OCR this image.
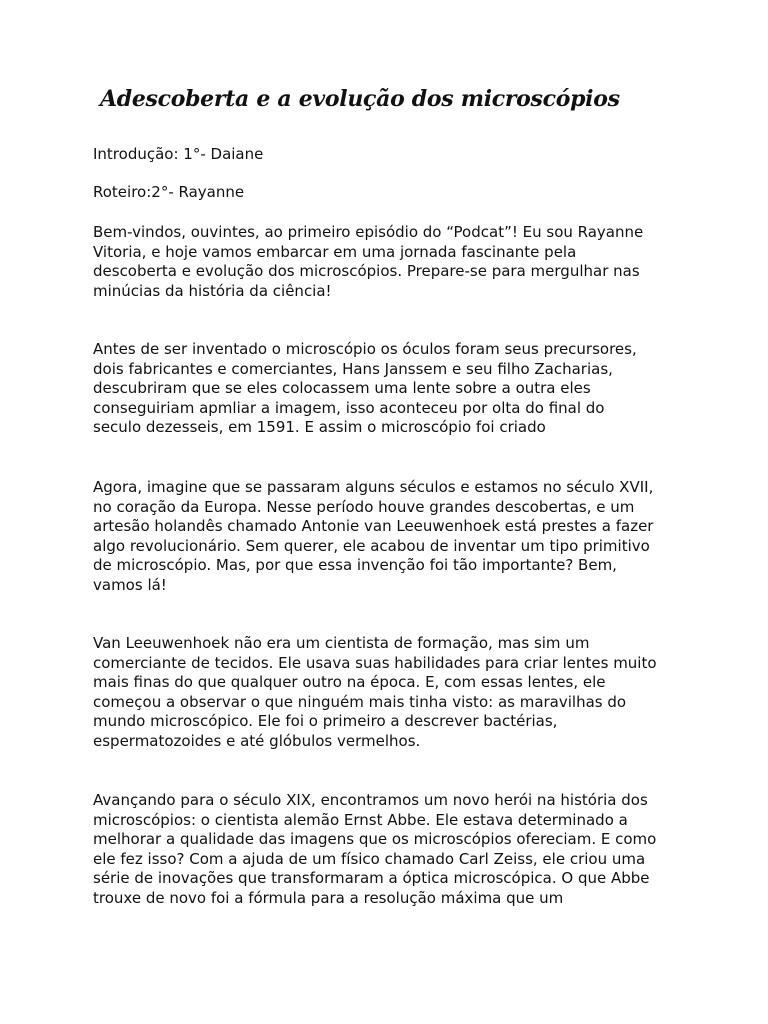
Adescoberta e a evolução dos microscópios

Introdução: 1°- Daiane

Roteiro:2°- Rayanne

Bem-vindos, ouvintes, ao primeiro episódio do “Podcat”! Eu sou Rayanne
Vitoria, e hoje vamos embarcar em uma jornada fascinante pela
descoberta e evolução dos microscópios. Prepare-se para mergulhar nas
minúcias da história da ciência!

Antes de ser inventado o microscópio os óculos foram seus precursores,
dois fabricantes e comerciantes, Hans Janssem e seu filho Zacharias,
descubriram que se eles colocassem uma lente sobre a outra eles
conseguiriam apmliar a imagem, isso aconteceu por olta do final do
seculo dezesseis, em 1591. E assim o microscópio foi criado

Agora, imagine que se passaram alguns séculos e estamos no século XVII,
no coração da Europa. Nesse período houve grandes descobertas, e um
artesão holandês chamado Antonie van Leeuwenhoek está prestes a fazer
algo revolucionário. Sem querer, ele acabou de inventar um tipo primitivo
de microscópio. Mas, por que essa invenção foi tão importante? Bem,
vamos lá!

Van Leeuwenhoek não era um cientista de formação, mas sim um
comerciante de tecidos. Ele usava suas habilidades para criar lentes muito
mais finas do que qualquer outro na época. E, com essas lentes, ele
começou a observar o que ninguém mais tinha visto: as maravilhas do
mundo microscópico. Ele foi o primeiro a descrever bactérias,
espermatozoides e até glóbulos vermelhos.

Avançando para o século XIX, encontramos um novo herói na história dos
microscópios: o cientista alemão Ernst Abbe. Ele estava determinado a
melhorar a qualidade das imagens que os microscópios ofereciam. E como
ele fez isso? Com a ajuda de um físico chamado Carl Zeiss, ele criou uma
série de inovações que transformaram a óptica microscópica. O que Abbe
trouxe de novo foi a fórmula para a resolução máxima que um
